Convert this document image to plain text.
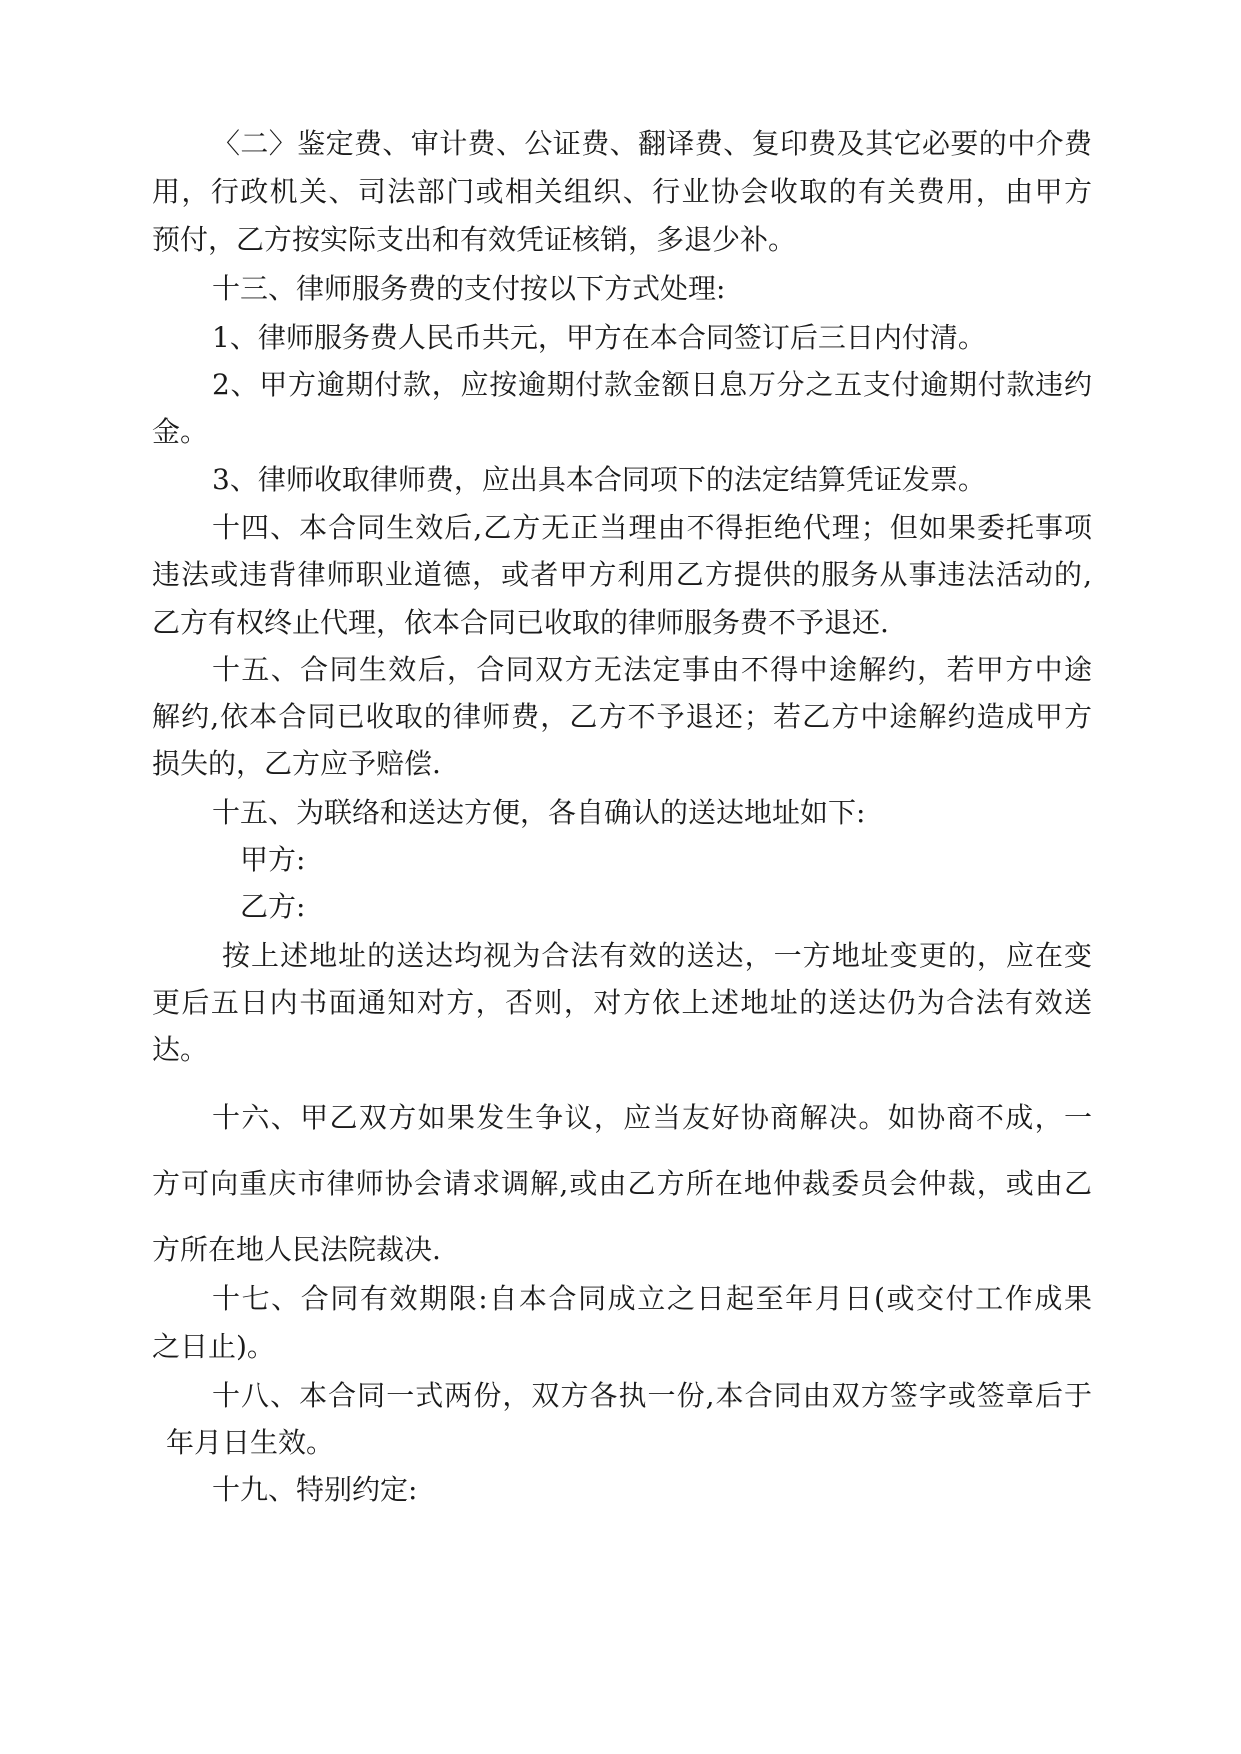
〈二〉鉴定费、审计费、公证费、翻译费、复印费及其它必要的中介费

用，行政机关、司法部门或相关组织、行业协会收取的有关费用，由甲方

预付，乙方按实际支出和有效凭证核销，多退少补。

十三、律师服务费的支付按以下方式处理:

1、律师服务费人民币共元，甲方在本合同签订后三日内付清。

2、甲方逾期付款，应按逾期付款金额日息万分之五支付逾期付款违约

金。

3、律师收取律师费，应出具本合同项下的法定结算凭证发票。

十四、本合同生效后,乙方无正当理由不得拒绝代理；但如果委托事项

违法或违背律师职业道德，或者甲方利用乙方提供的服务从事违法活动的,

乙方有权终止代理，依本合同已收取的律师服务费不予退还.

十五、合同生效后，合同双方无法定事由不得中途解约，若甲方中途

解约,依本合同已收取的律师费，乙方不予退还；若乙方中途解约造成甲方

损失的，乙方应予赔偿.

十五、为联络和送达方便，各自确认的送达地址如下:

甲方:

乙方:

按上述地址的送达均视为合法有效的送达，一方地址变更的，应在变

更后五日内书面通知对方，否则，对方依上述地址的送达仍为合法有效送

达。

十六、甲乙双方如果发生争议，应当友好协商解决。如协商不成，一

方可向重庆市律师协会请求调解,或由乙方所在地仲裁委员会仲裁，或由乙

方所在地人民法院裁决.

十七、合同有效期限:自本合同成立之日起至年月日(或交付工作成果

之日止)。

十八、本合同一式两份，双方各执一份,本合同由双方签字或签章后于

年月日生效。

十九、特别约定:
